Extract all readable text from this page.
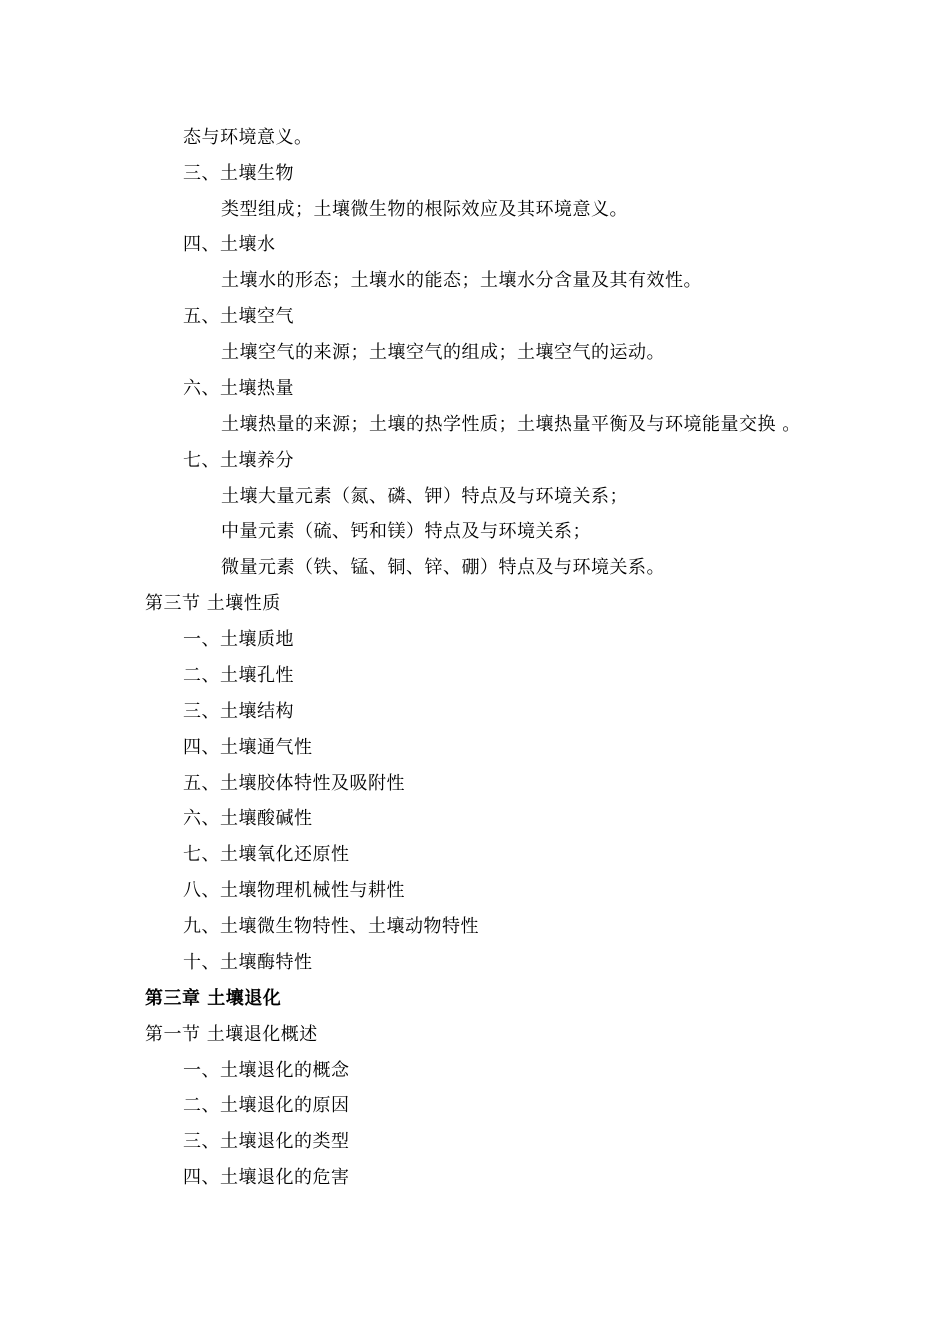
态与环境意义。
三、土壤生物
类型组成；土壤微生物的根际效应及其环境意义。
四、土壤水
土壤水的形态；土壤水的能态；土壤水分含量及其有效性。
五、土壤空气
土壤空气的来源；土壤空气的组成；土壤空气的运动。
六、土壤热量
土壤热量的来源；土壤的热学性质；土壤热量平衡及与环境能量交换 。
七、土壤养分
土壤大量元素（氮、磷、钾）特点及与环境关系；
中量元素（硫、钙和镁）特点及与环境关系；
微量元素（铁、锰、铜、锌、硼）特点及与环境关系。
第三节 土壤性质
一、土壤质地
二、土壤孔性
三、土壤结构
四、土壤通气性
五、土壤胶体特性及吸附性
六、土壤酸碱性
七、土壤氧化还原性
八、土壤物理机械性与耕性
九、土壤微生物特性、土壤动物特性
十、土壤酶特性
第三章 土壤退化
第一节 土壤退化概述
一、土壤退化的概念
二、土壤退化的原因
三、土壤退化的类型
四、土壤退化的危害
